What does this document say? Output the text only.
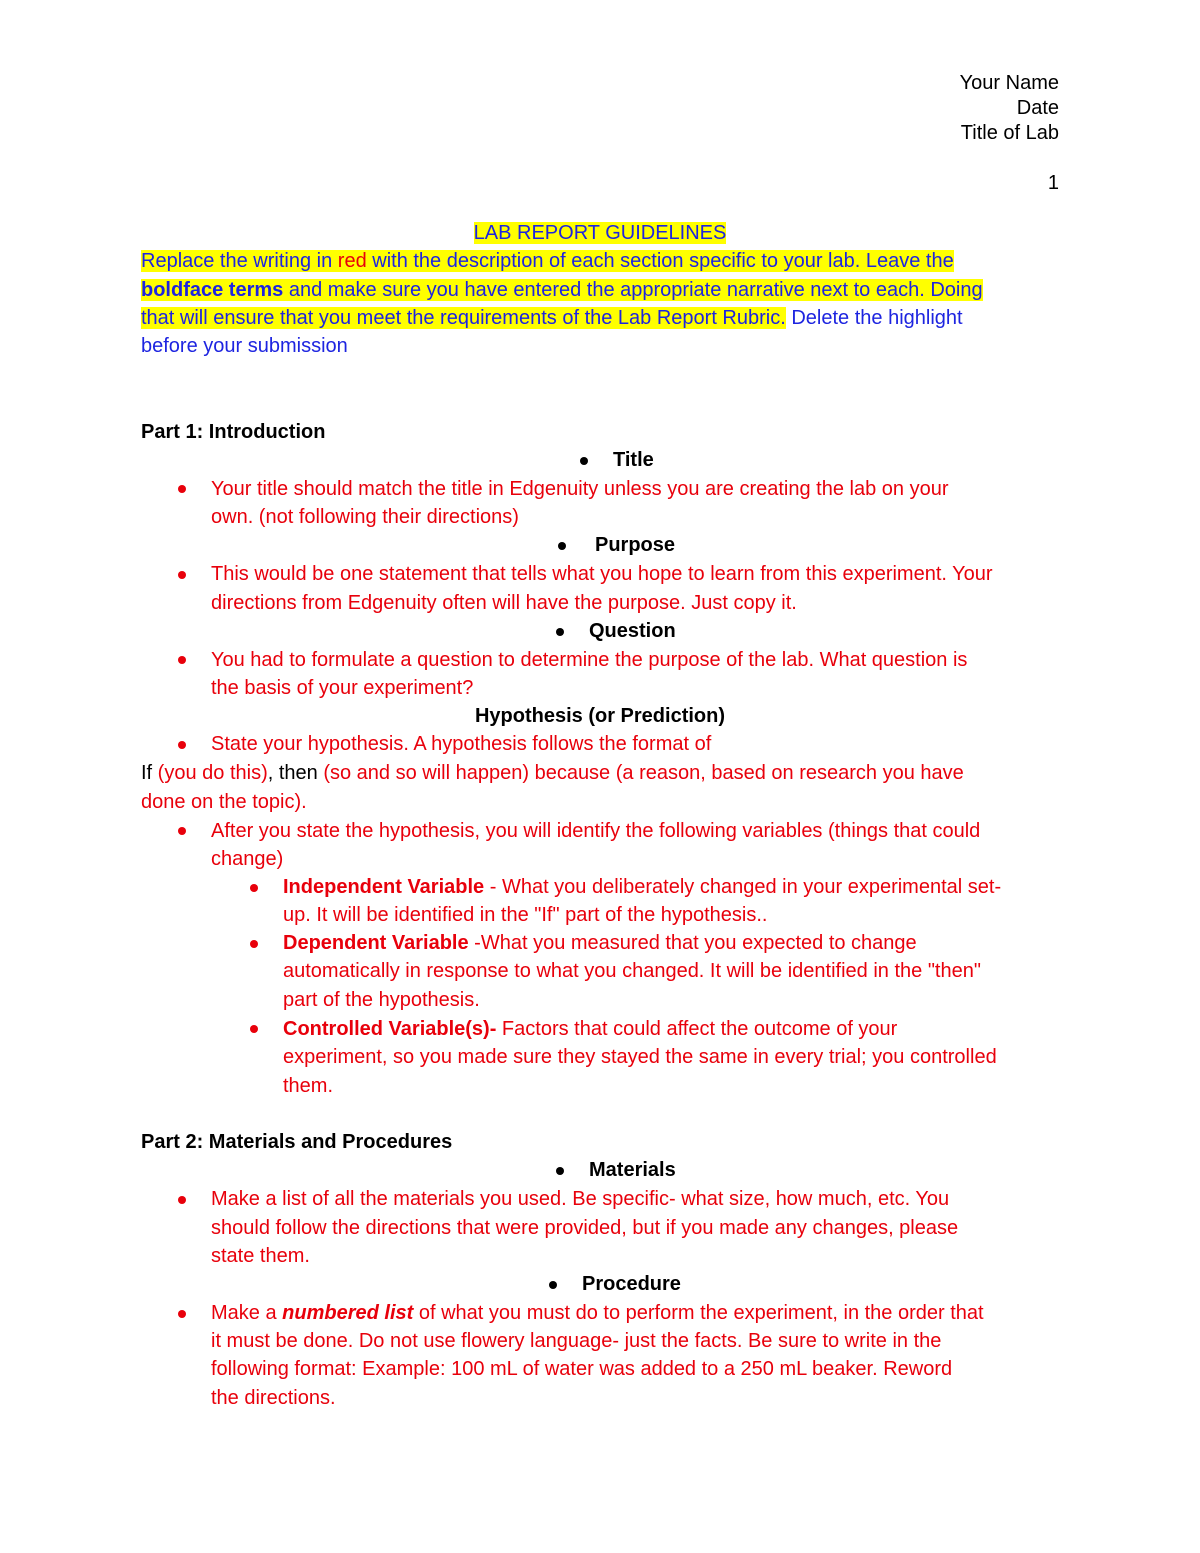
Your Name
Date
Title of Lab
1
LAB REPORT GUIDELINES
Replace the writing in red with the description of each section specific to your lab. Leave the
boldface terms and make sure you have entered the appropriate narrative next to each. Doing
that will ensure that you meet the requirements of the Lab Report Rubric. Delete the highlight
before your submission
Part 1: Introduction
Title
Your title should match the title in Edgenuity unless you are creating the lab on your
own. (not following their directions)
Purpose
This would be one statement that tells what you hope to learn from this experiment. Your
directions from Edgenuity often will have the purpose. Just copy it.
Question
You had to formulate a question to determine the purpose of the lab. What question is
the basis of your experiment?
Hypothesis (or Prediction)
State your hypothesis. A hypothesis follows the format of
If (you do this), then (so and so will happen) because (a reason, based on research you have
done on the topic).
After you state the hypothesis, you will identify the following variables (things that could
change)
Independent Variable - What you deliberately changed in your experimental set-
up. It will be identified in the "If" part of the hypothesis..
Dependent Variable -What you measured that you expected to change
automatically in response to what you changed. It will be identified in the "then"
part of the hypothesis.
Controlled Variable(s)- Factors that could affect the outcome of your
experiment, so you made sure they stayed the same in every trial; you controlled
them.
Part 2: Materials and Procedures
Materials
Make a list of all the materials you used. Be specific- what size, how much, etc. You
should follow the directions that were provided, but if you made any changes, please
state them.
Procedure
Make a numbered list of what you must do to perform the experiment, in the order that
it must be done. Do not use flowery language- just the facts. Be sure to write in the
following format: Example: 100 mL of water was added to a 250 mL beaker. Reword
the directions.
